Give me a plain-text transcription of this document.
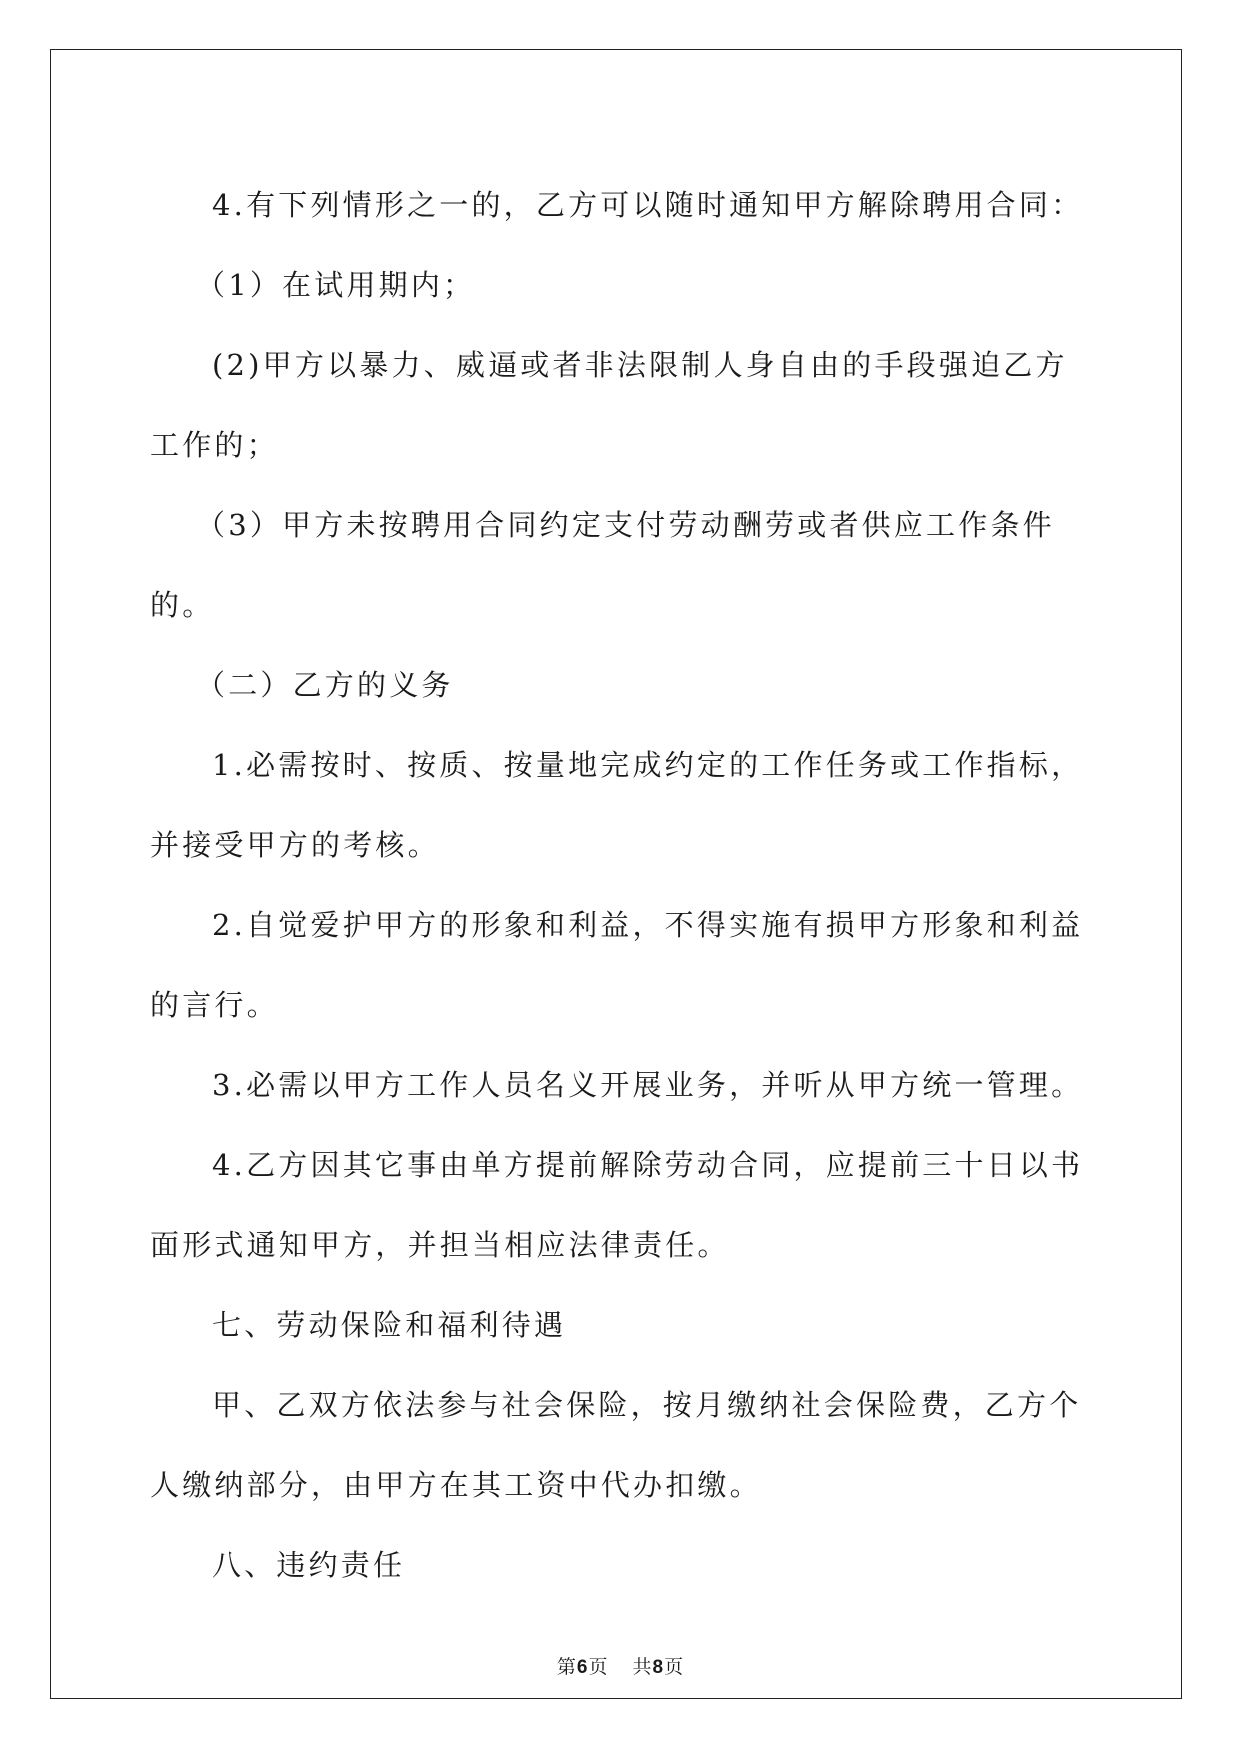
4.有下列情形之一的，乙方可以随时通知甲方解除聘用合同：

（1）在试用期内；

(2)甲方以暴力、威逼或者非法限制人身自由的手段强迫乙方工作的；

（3）甲方未按聘用合同约定支付劳动酬劳或者供应工作条件的。

（二）乙方的义务

1.必需按时、按质、按量地完成约定的工作任务或工作指标，并接受甲方的考核。

2.自觉爱护甲方的形象和利益，不得实施有损甲方形象和利益的言行。

3.必需以甲方工作人员名义开展业务，并听从甲方统一管理。

4.乙方因其它事由单方提前解除劳动合同，应提前三十日以书面形式通知甲方，并担当相应法律责任。

七、劳动保险和福利待遇

甲、乙双方依法参与社会保险，按月缴纳社会保险费，乙方个人缴纳部分，由甲方在其工资中代办扣缴。

八、违约责任

第6页 共8页
